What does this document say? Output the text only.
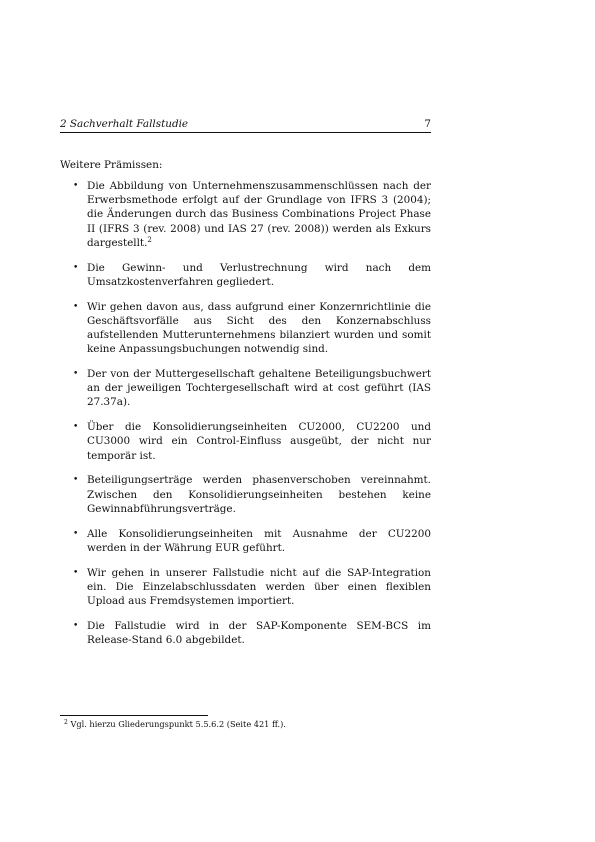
2 Sachverhalt Fallstudie	7
Weitere Prämissen:
• Die Abbildung von Unternehmenszusammenschlüssen nach der Erwerbsmethode erfolgt auf der Grundlage von IFRS 3 (2004); die Änderungen durch das Business Combinations Project Phase II (IFRS 3 (rev. 2008) und IAS 27 (rev. 2008)) werden als Exkurs dargestellt.$^2$
• Die Gewinn- und Verlustrechnung wird nach dem Umsatzkostenverfahren gegliedert.
• Wir gehen davon aus, dass aufgrund einer Konzernrichtlinie die Geschäftsvorfälle aus Sicht des den Konzernabschluss aufstellenden Mutterunternehmens bilanziert wurden und somit keine Anpassungsbuchungen notwendig sind.
• Der von der Muttergesellschaft gehaltene Beteiligungsbuchwert an der jeweiligen Tochtergesellschaft wird at cost geführt (IAS 27.37a).
• Über die Konsolidierungseinheiten CU2000, CU2200 und CU3000 wird ein Control-Einfluss ausgeübt, der nicht nur temporär ist.
• Beteiligungserträge werden phasenverschoben vereinnahmt. Zwischen den Konsolidierungseinheiten bestehen keine Gewinnabführungsverträge.
• Alle Konsolidierungseinheiten mit Ausnahme der CU2200 werden in der Währung EUR geführt.
• Wir gehen in unserer Fallstudie nicht auf die SAP-Integration ein. Die Einzelabschlussdaten werden über einen flexiblen Upload aus Fremdsystemen importiert.
• Die Fallstudie wird in der SAP-Komponente SEM-BCS im Release-Stand 6.0 abgebildet.
$^2$ Vgl. hierzu Gliederungspunkt 5.5.6.2 (Seite 421 ff.).
